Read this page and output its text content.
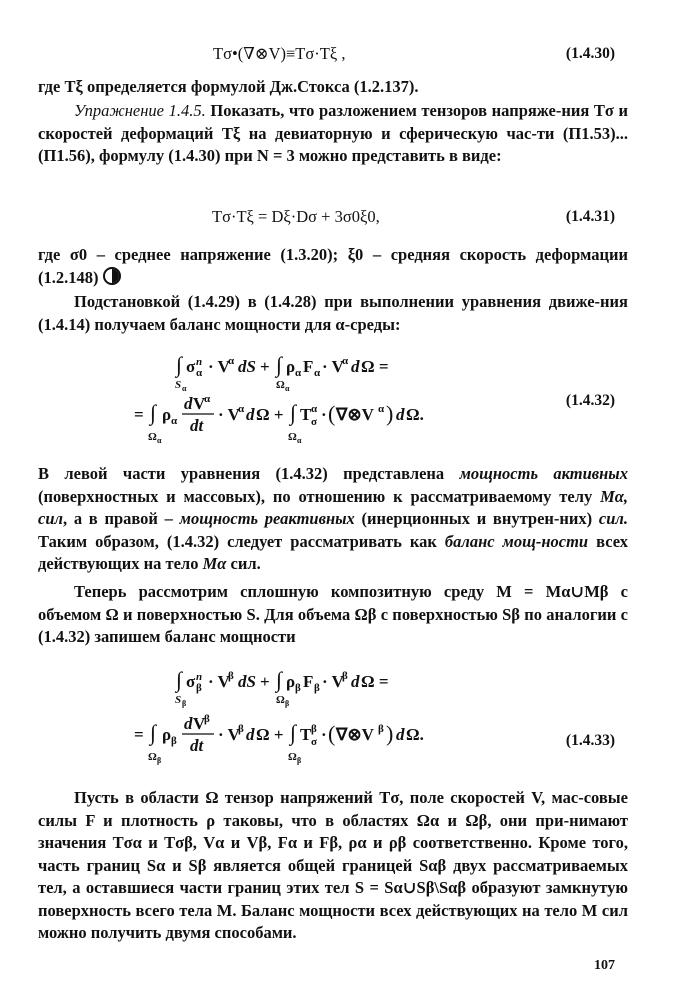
Tσ•(∇⊗V)≡Tσ·Tξ ,	(1.4.30)

где Tξ определяется формулой Дж.Стокса (1.2.137).

Упражнение 1.4.5. Показать, что разложением тензоров напряже-ния Tσ и скоростей деформаций Tξ на девиаторную и сферическую час-ти (П1.53)...(П1.56), формулу (1.4.30) при N = 3 можно представить в виде:

Tσ·Tξ = Dξ·Dσ + 3σ0ξ0,	(1.4.31)

где σ0 – среднее напряжение (1.3.20); ξ0 – средняя скорость деформации (1.2.148)

Подстановкой (1.4.29) в (1.4.28) при выполнении уравнения движе-ния (1.4.14) получаем баланс мощности для α-среды:

∫ σ n
α · V
α dS + ∫ ρ α F α · V
α d Ω =
S α	Ω α
= ∫ ρ α
d V
α
dt
· V
α d Ω + ∫ T α
σ · ( ∇⊗V α ) d Ω.
Ω α	Ω α
(1.4.32)

В левой части уравнения (1.4.32) представлена мощность активных (поверхностных и массовых), по отношению к рассматриваемому телу Mα, сил, а в правой – мощность реактивных (инерционных и внутрен-них) сил. Таким образом, (1.4.32) следует рассматривать как баланс мощ-ности всех действующих на тело Mα сил.

Теперь рассмотрим сплошную композитную среду M = Mα∪Mβ с объемом Ω и поверхностью S. Для объема Ωβ с поверхностью Sβ по аналогии с (1.4.32) запишем баланс мощности

∫ σ n
β · V
β dS + ∫ ρ β F β · V
β d Ω =
S β	Ω β
= ∫ ρ β
d V
β
dt
· V
β d Ω + ∫ T β
σ · ( ∇⊗V β ) d Ω.
Ω β	Ω β
(1.4.33)

Пусть в области Ω тензор напряжений Tσ, поле скоростей V, мас-совые силы F и плотность ρ таковы, что в областях Ωα и Ωβ, они при-нимают значения Tσα и Tσβ, Vα и Vβ, Fα и Fβ, ρα и ρβ соответственно. Кроме того, часть границ Sα и Sβ является общей границей Sαβ двух рассматриваемых тел, а оставшиеся части границ этих тел S = Sα∪Sβ\Sαβ образуют замкнутую поверхность всего тела M. Баланс мощности всех действующих на тело M сил можно получить двумя способами.

107
